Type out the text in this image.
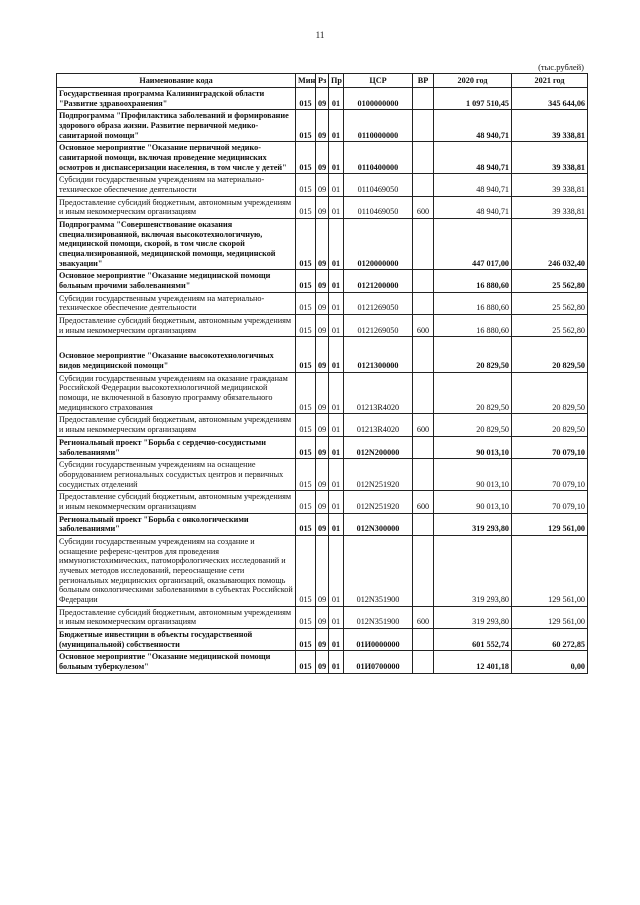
11
(тыс.рублей)
Наименование кода	Мин	Рз	Пр	ЦСР	ВР	2020 год	2021 год
Государственная программа Калининградской области "Развитие здравоохранения"	015	09	01	0100000000		1 097 510,45	345 644,06
Подпрограмма "Профилактика заболеваний и формирование здорового образа жизни. Развитие первичной медико-санитарной помощи"	015	09	01	0110000000		48 940,71	39 338,81
Основное мероприятие "Оказание первичной медико-санитарной помощи, включая проведение медицинских осмотров и диспансеризации населения, в том числе у детей"	015	09	01	0110400000		48 940,71	39 338,81
Субсидии государственным учреждениям на материально-техническое обеспечение деятельности	015	09	01	0110469050		48 940,71	39 338,81
Предоставление субсидий бюджетным, автономным учреждениям и иным некоммерческим организациям	015	09	01	0110469050	600	48 940,71	39 338,81
Подпрограмма "Совершенствование оказания специализированной, включая высокотехнологичную, медицинской помощи, скорой, в том числе скорой специализированной, медицинской помощи, медицинской эвакуации"	015	09	01	0120000000		447 017,00	246 032,40
Основное мероприятие "Оказание медицинской помощи больным прочими заболеваниями"	015	09	01	0121200000		16 880,60	25 562,80
Субсидии государственным учреждениям на материально-техническое обеспечение деятельности	015	09	01	0121269050		16 880,60	25 562,80
Предоставление субсидий бюджетным, автономным учреждениям и иным некоммерческим организациям	015	09	01	0121269050	600	16 880,60	25 562,80
Основное мероприятие "Оказание высокотехнологичных видов медицинской помощи"	015	09	01	0121300000		20 829,50	20 829,50
Субсидии государственным учреждениям на оказание гражданам Российской Федерации высокотехнологичной медицинской помощи, не включенной в базовую программу обязательного медицинского страхования	015	09	01	01213R4020		20 829,50	20 829,50
Предоставление субсидий бюджетным, автономным учреждениям и иным некоммерческим организациям	015	09	01	01213R4020	600	20 829,50	20 829,50
Региональный проект "Борьба с сердечно-сосудистыми заболеваниями"	015	09	01	012N200000		90 013,10	70 079,10
Субсидии государственным учреждениям на оснащение оборудованием региональных сосудистых центров и первичных сосудистых отделений	015	09	01	012N251920		90 013,10	70 079,10
Предоставление субсидий бюджетным, автономным учреждениям и иным некоммерческим организациям	015	09	01	012N251920	600	90 013,10	70 079,10
Региональный проект "Борьба с онкологическими заболеваниями"	015	09	01	012N300000		319 293,80	129 561,00
Субсидии государственным учреждениям на создание и оснащение референс-центров для проведения иммуногистохимических, патоморфологических исследований и лучевых методов исследований, переоснащение сети региональных медицинских организаций, оказывающих помощь больным онкологическими заболеваниями в субъектах Российской Федерации	015	09	01	012N351900		319 293,80	129 561,00
Предоставление субсидий бюджетным, автономным учреждениям и иным некоммерческим организациям	015	09	01	012N351900	600	319 293,80	129 561,00
Бюджетные инвестиции в объекты государственной (муниципальной) собственности	015	09	01	01И0000000		601 552,74	60 272,85
Основное мероприятие "Оказание медицинской помощи больным туберкулезом"	015	09	01	01И0700000		12 401,18	0,00
